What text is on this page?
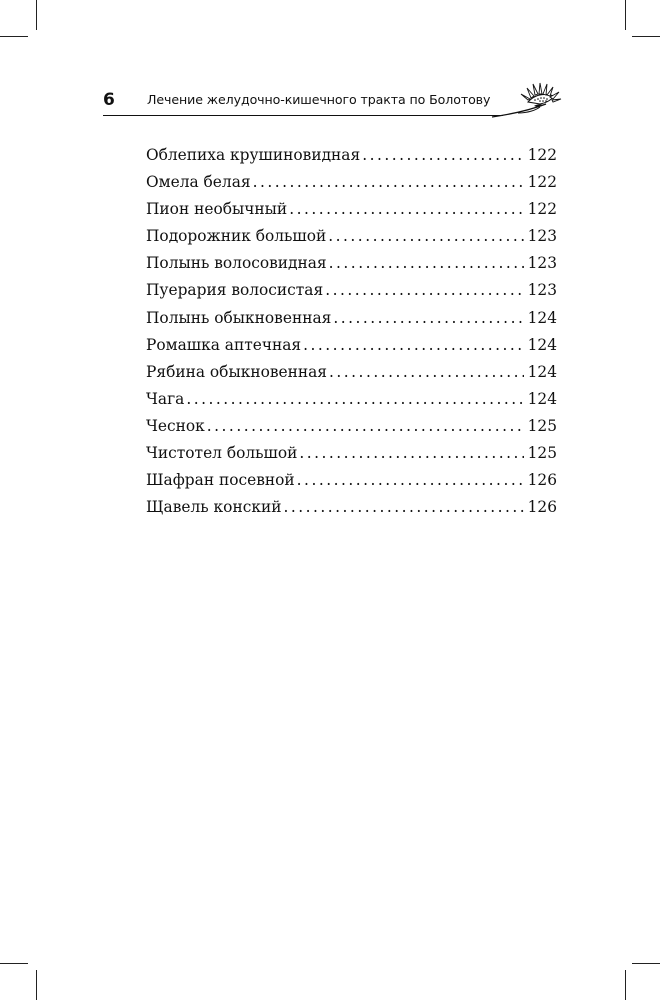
6	Лечение желудочно-кишечного тракта по Болотову
Облепиха крушиновидная . . .	122
Омела белая . . .	122
Пион необычный . . .	122
Подорожник большой . . .	123
Полынь волосовидная . . .	123
Пуерария волосистая . . .	123
Полынь обыкновенная . . .	124
Ромашка аптечная . . .	124
Рябина обыкновенная . . .	124
Чага . . .	124
Чеснок . . .	125
Чистотел большой . . .	125
Шафран посевной . . .	126
Щавель конский . . .	126
